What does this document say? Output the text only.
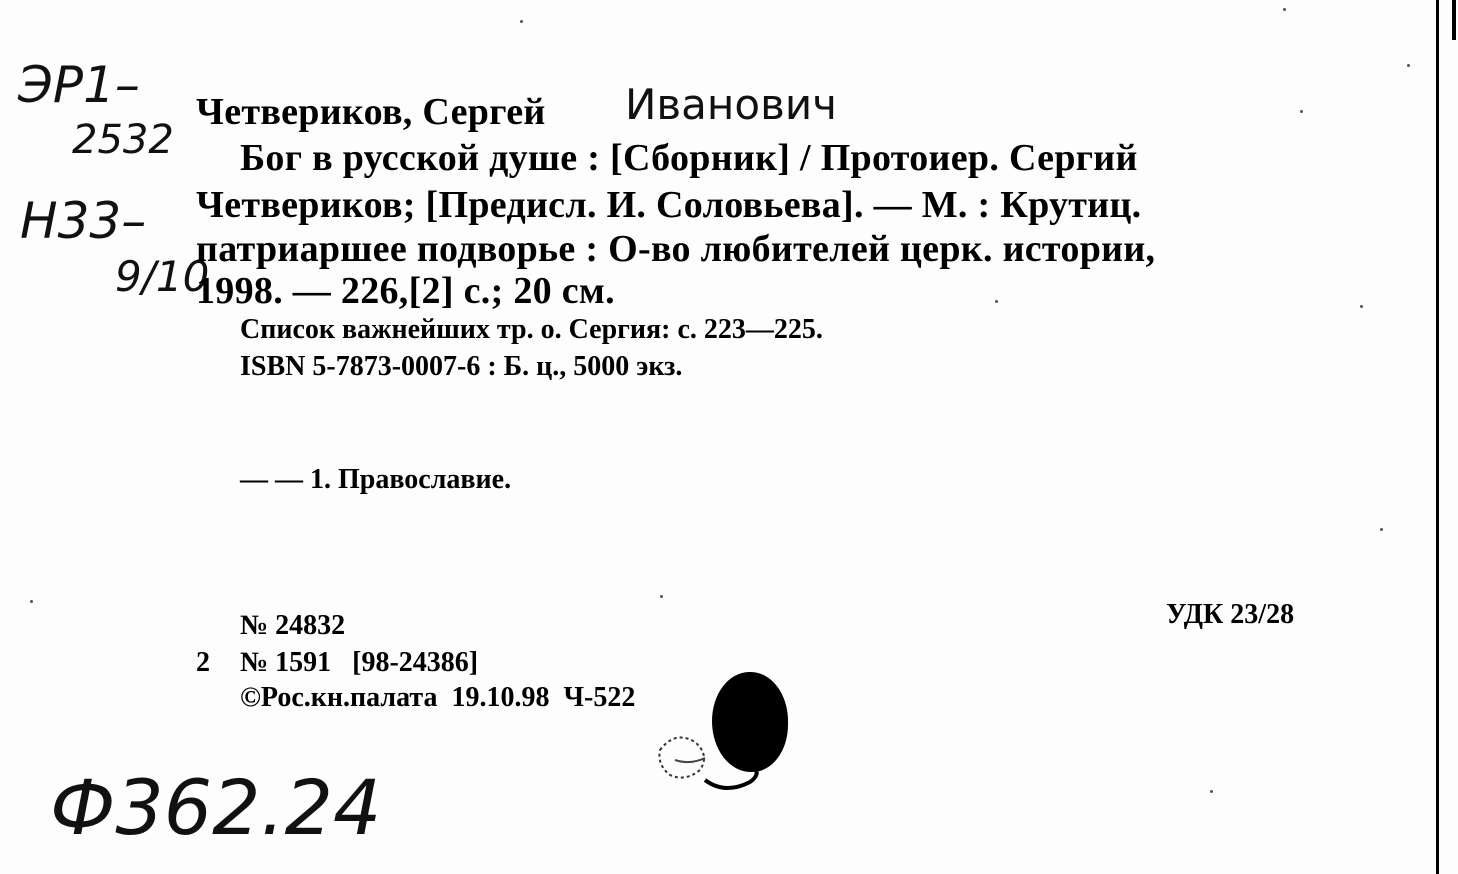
ЭР1–
2532
Н33–
9/10
Четвериков, Сергей Иванович
Бог в русской душе : [Сборник] / Протоиер. Сергий
Четвериков; [Предисл. И. Соловьева]. — М. : Крутиц.
патриаршее подворье : О-во любителей церк. истории,
1998. — 226,[2] с.; 20 см.
Список важнейших тр. о. Сергия: с. 223—225.
ISBN 5-7873-0007-6 : Б. ц., 5000 экз.
— — 1. Православие.
№ 24832	УДК 23/28
2 № 1591   [98-24386]
©Рос.кн.палата  19.10.98  Ч-522
Ф362.24
